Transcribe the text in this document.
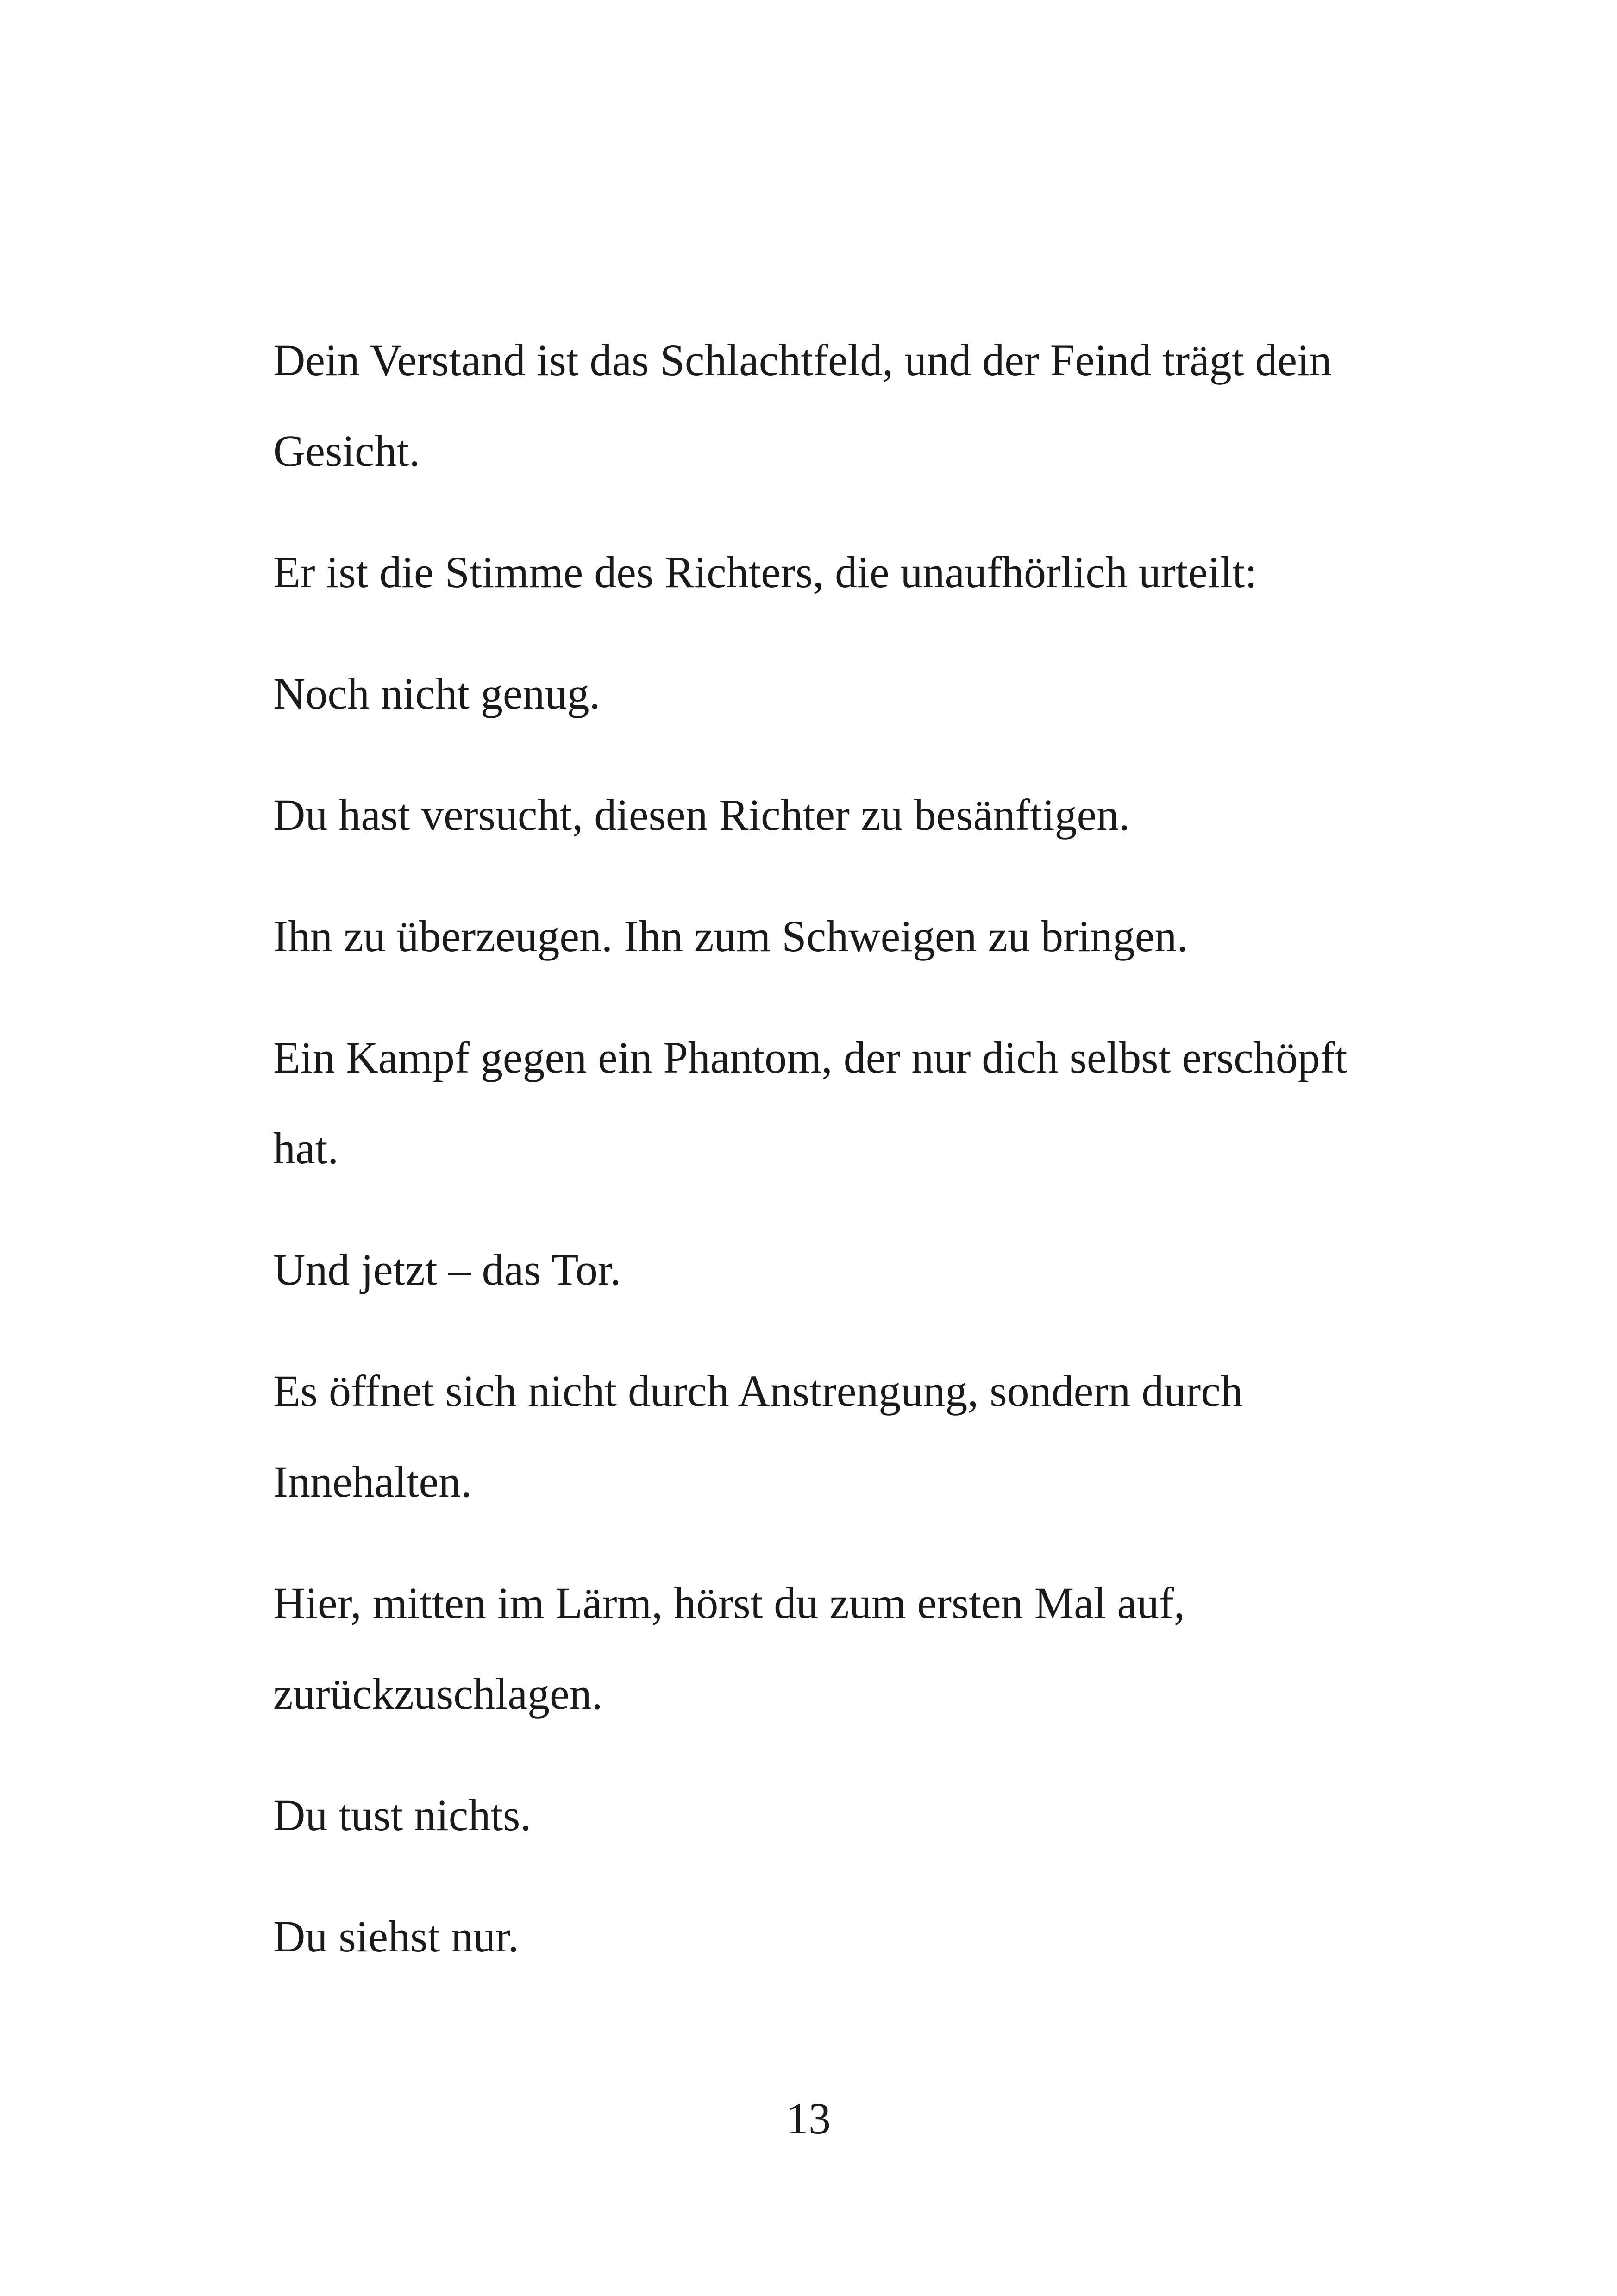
Dein Verstand ist das Schlachtfeld, und der Feind trägt dein Gesicht.

Er ist die Stimme des Richters, die unaufhörlich urteilt:

Noch nicht genug.

Du hast versucht, diesen Richter zu besänftigen.

Ihn zu überzeugen. Ihn zum Schweigen zu bringen.

Ein Kampf gegen ein Phantom, der nur dich selbst erschöpft hat.

Und jetzt – das Tor.

Es öffnet sich nicht durch Anstrengung, sondern durch Innehalten.

Hier, mitten im Lärm, hörst du zum ersten Mal auf, zurückzuschlagen.

Du tust nichts.

Du siehst nur.

13
